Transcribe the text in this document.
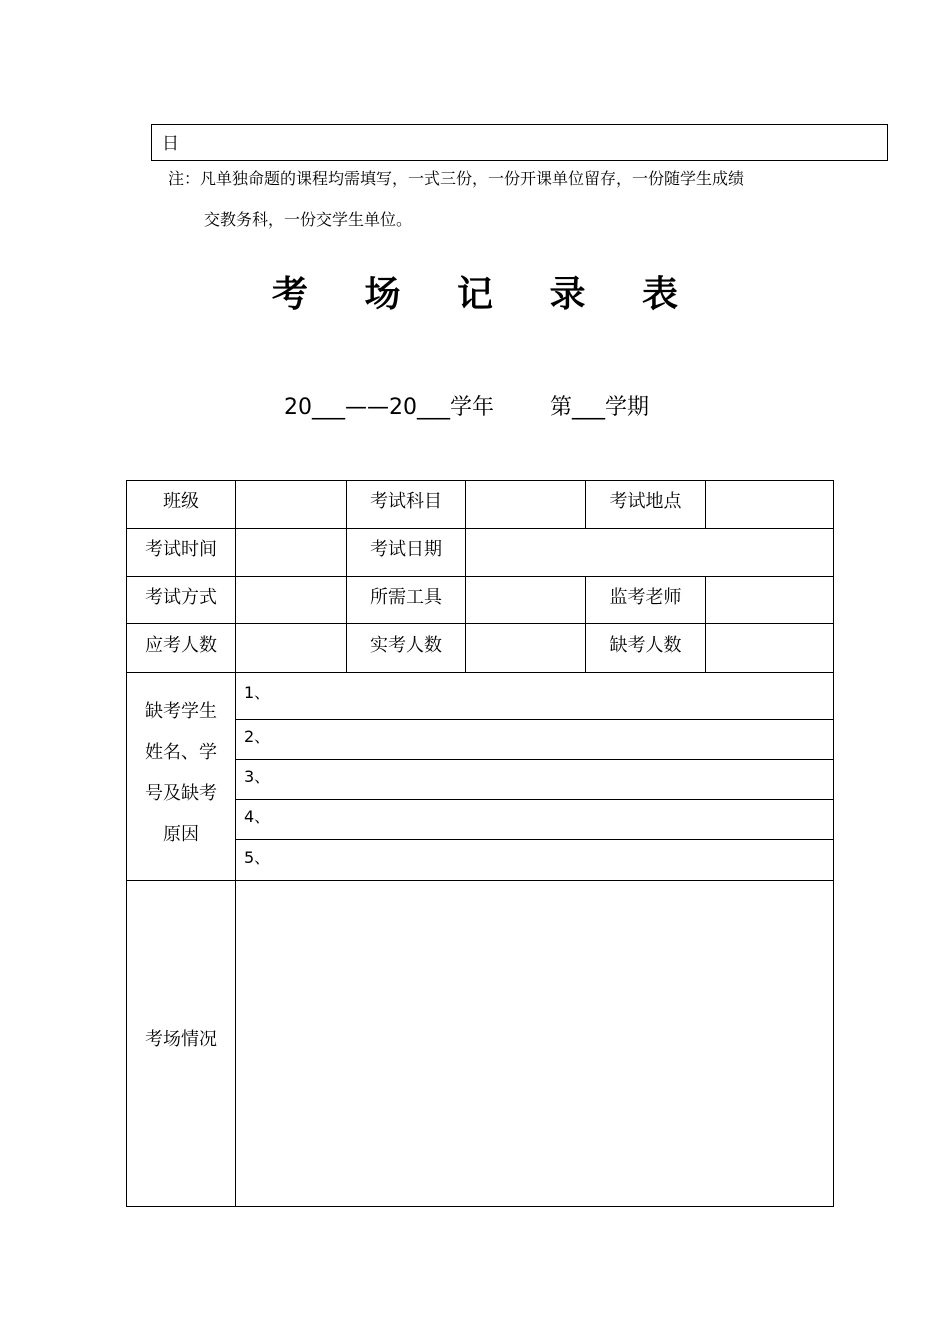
日
注：凡单独命题的课程均需填写，一式三份，一份开课单位留存，一份随学生成绩
交教务科，一份交学生单位。
考 场 记 录 表
20___——20___学年	第___学期
班级	考试科目	考试地点
考试时间	考试日期
考试方式	所需工具	监考老师
应考人数	实考人数	缺考人数
缺考学生
姓名、学
号及缺考
原因
1、
2、
3、
4、
5、
考场情况
